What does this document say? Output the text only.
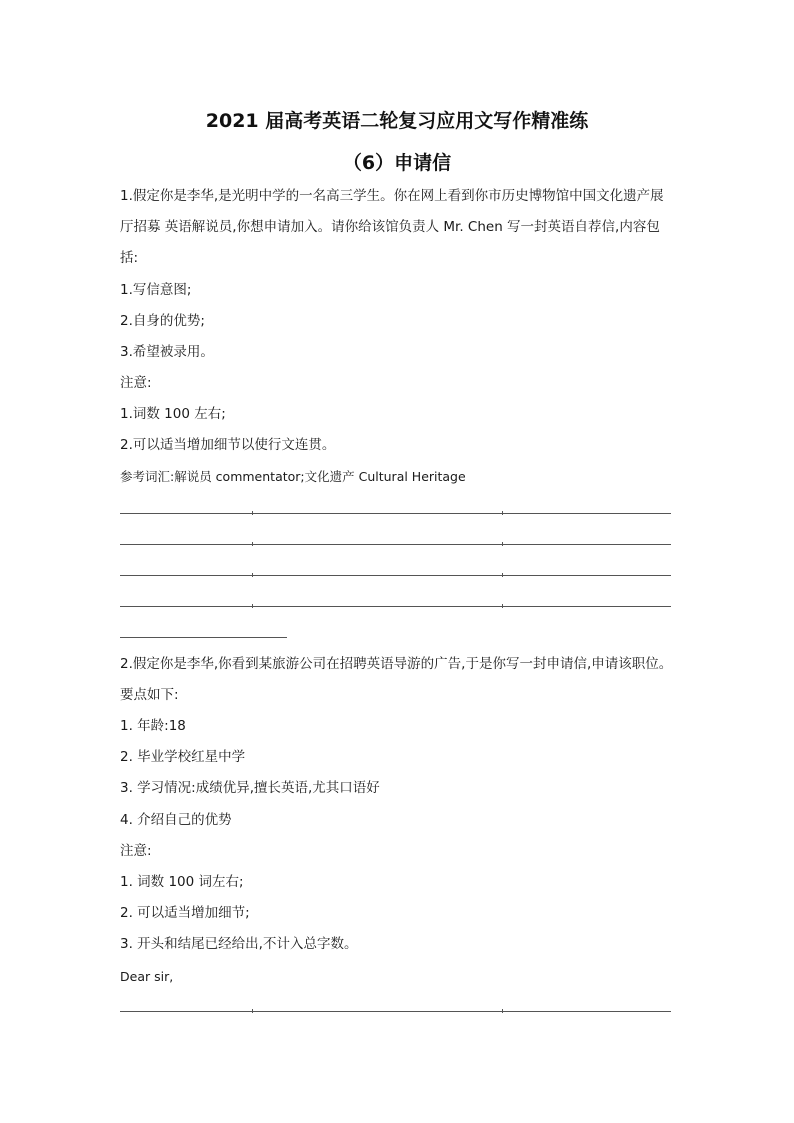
2021 届高考英语二轮复习应用文写作精准练
（6）申请信
1.假定你是李华,是光明中学的一名高三学生。你在网上看到你市历史博物馆中国文化遗产展
厅招募 英语解说员,你想申请加入。请你给该馆负责人 Mr. Chen 写一封英语自荐信,内容包
括:
1.写信意图;
2.自身的优势;
3.希望被录用。
注意:
1.词数 100 左右;
2.可以适当增加细节以使行文连贯。
参考词汇:解说员 commentator;文化遗产 Cultural Heritage
2.假定你是李华,你看到某旅游公司在招聘英语导游的广告,于是你写一封申请信,申请该职位。
要点如下:
1. 年龄:18
2. 毕业学校红星中学
3. 学习情况:成绩优异,擅长英语,尤其口语好
4. 介绍自己的优势
注意:
1. 词数 100 词左右;
2. 可以适当增加细节;
3. 开头和结尾已经给出,不计入总字数。
Dear sir,
